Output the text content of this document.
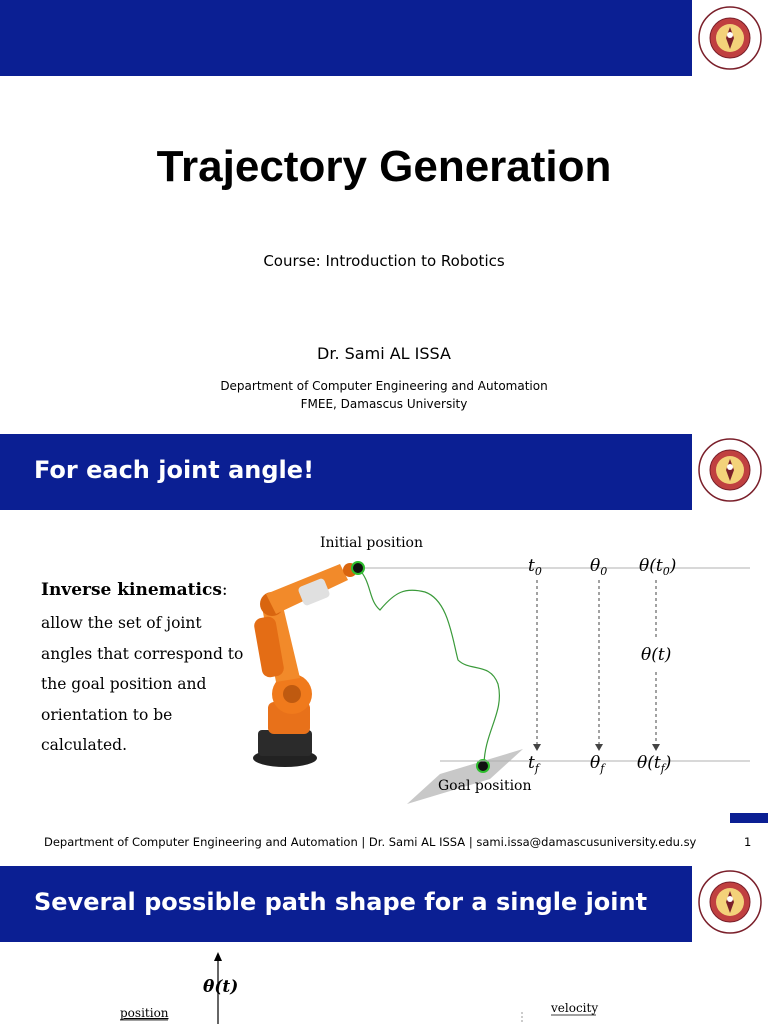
Trajectory Generation
Course: Introduction to Robotics
Dr. Sami AL ISSA
Department of Computer Engineering and Automation
FMEE, Damascus University
For each joint angle!
Inverse kinematics:
allow the set of joint
angles that correspond to
the goal position and
orientation to be
calculated.
Initial position
Goal position
$t_0$	$\theta_0$ $\theta(t_0)$
θ(t)
$t_f$	$\theta_f$ $\theta(t_f)$
Department of Computer Engineering and Automation | Dr. Sami AL ISSA | sami.issa@damascusuniversity.edu.sy	1
Several possible path shape for a single joint
θ(t)
position	velocity
